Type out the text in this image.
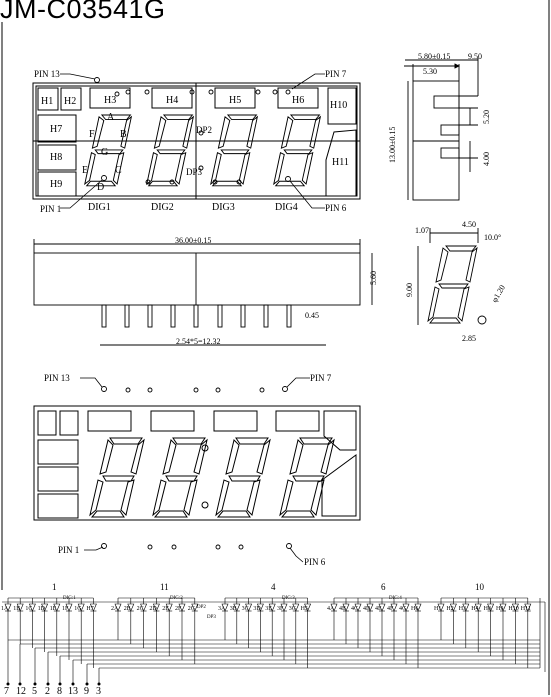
JM-C03541G
H1 H2	H3	H4	H5	H6
H7
H8
H9
H10
H11
A
B
C
D
E
F
G
DP2
DP3
DIG1	DIG2	DIG3	DIG4
PIN 13	PIN 7
PIN 1	PIN 6
5.80±0.15 9.50
5.30
13.00±0.15
5.20
4.00
36.00±0.15
5.60
0.45
2.54*5=12.32
1.07
4.50
10.0°
9.00	φ1.20
2.85
PIN 13	PIN 7
PIN 1
PIN 6
1A 1B 1C 1D 1E 1F 1G H7	2A 2B 2C 2D 2E 2F 2G	3A 3B 3C 3D 3E 3F 3G H5	4A 4B 4C 4D 4E 4F 4G H6	H1 H2 H3 H4 H8 H9 H10 H11
1	11	4	6	10
DIG:1	DIG:2	DIG:3	DIG:4
DP2
DP3
7 12 5 2 8 13 9 3
